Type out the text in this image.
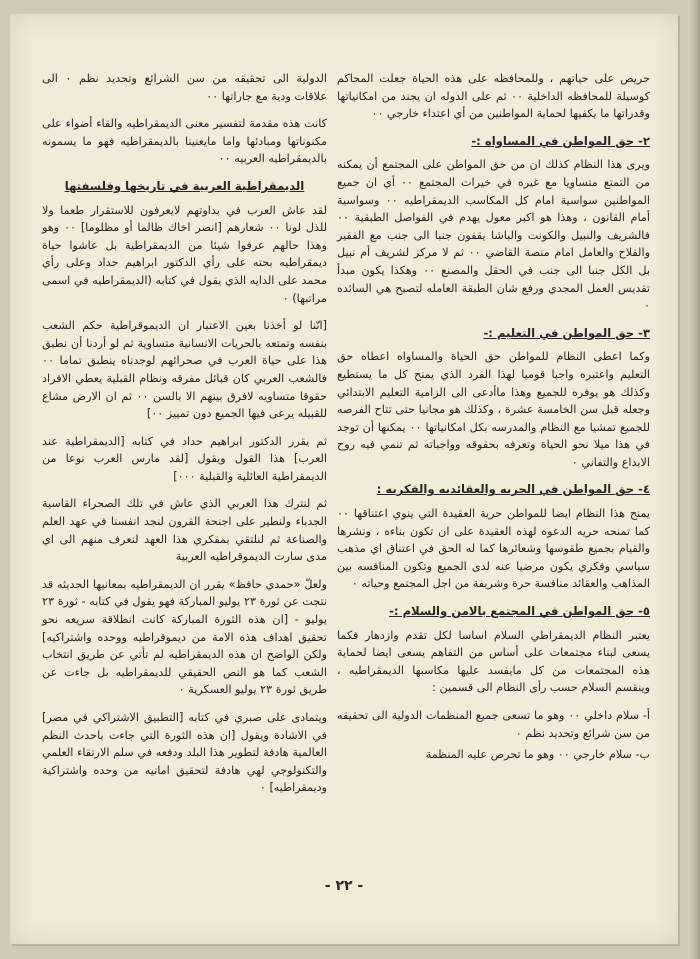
حريص على حياتهم ، وللمحافظه على هذه الحياة جعلت المحاكم كوسيلة للمحافظه الداخلية ٠٠ ثم على الدوله ان يجند من امكانياتها وقدراتها ما يكفيها لحماية المواطنين من أي اعتداء خارجي ٠٠

٢- حق المواطن في المساواه :-

ويرى هذا النظام كذلك ان من حق المواطن على المجتمع أن يمكنه من التمتع متساويا مع غيره في خيرات المجتمع ٠٠ أي ان جميع المواطنين سواسية امام كل المكاسب الديمقراطيه ٠٠ وسواسية أمام القانون ، وهذا هو اكبر معول يهدم في الفواصل الطبقية ٠٠ فالشريف والنبيل والكونت والباشا يقفون جنبا الى جنب مع الفقير والفلاح والعامل امام منصة القاضي ٠٠ ثم لا مركز لشريف أم نبيل بل الكل جنبا الى جنب في الحقل والمصنع ٠٠ وهكذا يكون مبدأ تقديس العمل المجدي ورفع شان الطبقة العامله لتصبح هي السائده ٠

٣- حق المواطن في التعليم :-

وكما اعطى النظام للمواطن حق الحياة والمساواه اعطاه حق التعليم واعتبره واجبا قوميا لهذا الفرد الذي يمنح كل ما يستطيع وكذلك هو يوفره للجميع وهذا ماأدعى الى الزامية التعليم الابتدائي وجعله قبل سن الخامسة عشرة ، وكذلك هو مجانيا حتى تتاح الفرصه للجميع تمشيا مع النظام والمدرسه بكل امكانياتها ٠٠ يمكنها أن توجد في هذا ميلا نحو الحياة وتعرفه بحقوقه وواجباته ثم تنمي فيه روح الابداع والتفاني ٠

٤- حق المواطن في الحريه والعقائديه والفكريه :

يمنح هذا النظام ايضا للمواطن حرية العقيدة التي ينوي اعتناقها ٠٠ كما تمنحه حريه الدعوه لهذه العقيدة على ان تكون بناءه ، ونشرها والقيام بجميع طقوسها وشعائرها كما له الحق في اعتناق اي مذهب سياسي وفكري يكون مرضيا عنه لدى الجميع وتكون المنافسه بين المذاهب والعقائد منافسة حرة وشريفة من اجل المجتمع وحياته ٠

٥- حق المواطن في المجتمع بالامن والسلام :-

يعتبر النظام الديمقراطي السلام اساسا لكل تقدم وازدهار فكما يسعى لبناء مجتمعات على أساس من التفاهم يسعى ايضا لحماية هذه المجتمعات من كل مايفسد عليها مكاسبها الديمقراطيه ، وينقسم السلام حسب رأى النظام الى قسمين :

أ- سلام داخلي ٠٠ وهو ما تسعى جميع المنظمات الدولية الى تحقيقه من سن شرائع وتحديد نظم ٠
ب- سلام خارجي ٠٠ وهو ما تحرص عليه المنظمة

الدولية الى تحقيقه من سن الشرائع وتحديد نظم ٠ الى علاقات ودية مع جاراتها ٠٠

كانت هذه مقدمة لتفسير معنى الديمقراطيه والقاء أضواء على مكنوناتها ومبادئها واما مايعنينا بالديمقراطيه فهو ما يسمونه بالديمقراطيه العربيه ٠٠

الديمقراطية العربية في تاريخها وفلسفتها

لقد عاش العرب في بداوتهم لايعرفون للاستقرار طعما ولا للذل لونا ٠٠ شعارهم [انصر اخاك ظالما أو مظلوما] ٠٠ وهو وهذا حالهم عرفوا شيئا من الديمقراطية بل عاشوا حياة ديمقراطيه بحته على رأي الدكتور ابراهيم حداد وعلى رأي محمد على الدايه الذي يقول في كتابه (الديمقراطيه في اسمى مراتبها) ٠

[انّنا لو أخذنا بعين الاعتبار ان الديموقراطية حكم الشعب بنفسه وتمتعه بالحريات الانسانية متساوية ثم لو أردنا أن نطبق هذا على حياة العرب في صحرائهم لوجدناه ينطبق تماما ٠٠ فالشعب العربي كان قبائل مفرقه ونظام القبلية يعطي الافراد حقوقا متساويه لافرق بينهم الا بالسن ٠٠ ثم ان الارض مشاع للقبيله يرعى فيها الجميع دون تمييز ٠٠]

ثم يقرر الدكتور ابراهيم حداد في كتابه [الديمقراطية عند العرب] هذا القول ويقول [لقد مارس العرب نوعا من الديمقراطية العائلية والقبلية ٠٠٠]

ثم لنترك هذا العربي الذي عاش في تلك الصحراء القاسية الجدباء ولنطير على اجنحة القرون لنجد انفسنا في عهد العلم والصناعة ثم لنلتقي بمفكري هذا العهد لنعرف منهم الى اي مدى سارت الديموقراطيه العربية

ولعلّ «حمدي حافظ» يقرر ان الديمقراطيه بمعانيها الحديثه قد نتجت عن ثورة ٢٣ يوليو المباركة فهو يقول في كتابه - ثورة ٢٣ يوليو - [ان هذه الثورة المباركة كانت انطلاقة سريعه نحو تحقيق اهداف هذه الامة من ديموقراطيه ووحده واشتراكيه] ولكن الواضح ان هذه الديمقراطيه لم تأتي عن طريق انتخاب الشعب كما هو النص الحقيقي للديمقراطيه بل جاءت عن طريق ثورة ٢٣ يوليو العسكرية ٠

ويتمادى على صبري في كتابه [التطبيق الاشتراكي في مصر] في الاشادة ويقول [ان هذه الثورة التي جاءت باحدث النظم العالمية هادفة لتطوير هذا البلد ودفعه في سلم الارتقاء العلمي والتكنولوجي لهي هادفة لتحقيق امانيه من وحده واشتراكية وديمقراطيه] ٠

- ٢٢ -
